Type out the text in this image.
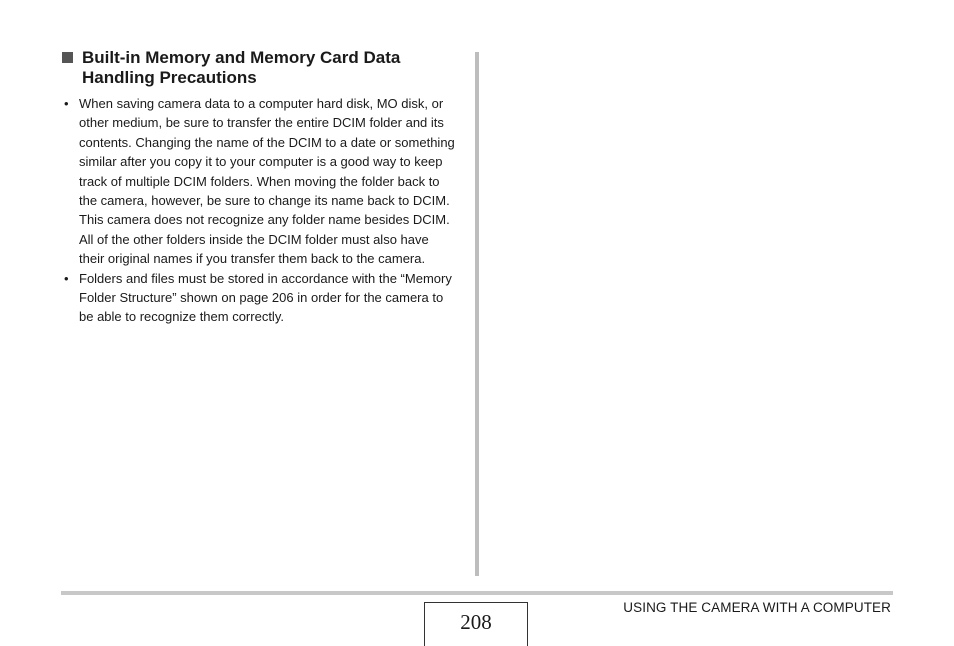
Built-in Memory and Memory Card Data Handling Precautions
• When saving camera data to a computer hard disk, MO disk, or other medium, be sure to transfer the entire DCIM folder and its contents. Changing the name of the DCIM to a date or something similar after you copy it to your computer is a good way to keep track of multiple DCIM folders. When moving the folder back to the camera, however, be sure to change its name back to DCIM. This camera does not recognize any folder name besides DCIM.
All of the other folders inside the DCIM folder must also have their original names if you transfer them back to the camera.
• Folders and files must be stored in accordance with the “Memory Folder Structure” shown on page 206 in order for the camera to be able to recognize them correctly.
208
USING THE CAMERA WITH A COMPUTER
